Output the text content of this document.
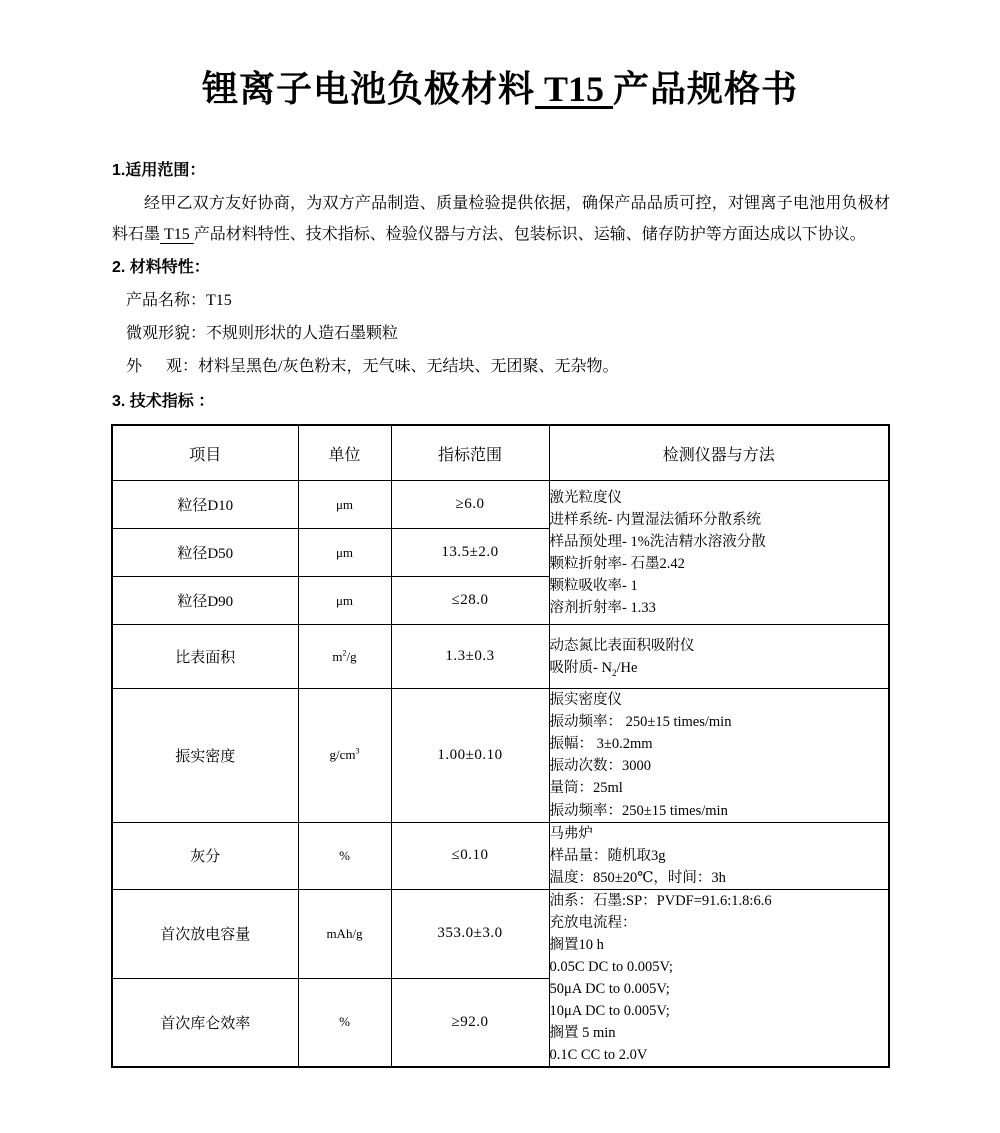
锂离子电池负极材料 T15 产品规格书
1.适用范围：

经甲乙双方友好协商，为双方产品制造、质量检验提供依据，确保产品品质可控，对锂离子电池用负极材料石墨 T15 产品材料特性、技术指标、检验仪器与方法、包装标识、运输、储存防护等方面达成以下协议。

2. 材料特性：
产品名称：T15
微观形貌：不规则形状的人造石墨颗粒
外      观：材料呈黑色/灰色粉末，无气味、无结块、无团聚、无杂物。
3. 技术指标 ：
项目	单位	指标范围	检测仪器与方法
粒径D10	μm	≥6.0	激光粒度仪
进样系统- 内置湿法循环分散系统
样品预处理- 1%洗洁精水溶液分散
颗粒折射率- 石墨2.42
颗粒吸收率- 1
溶剂折射率- 1.33

粒径D50	μm	13.5±2.0	
粒径D90	μm	≤28.0	
比表面积	$m^2/g$	1.3±0.3	动态氮比表面积吸附仪
吸附质- $N_2/He$

振实密度	$g/cm^3$	1.00±0.10	
振实密度仪
振动频率： 250±15 times/min
振幅： 3±0.2mm
振动次数：3000
量筒：25ml
振动频率：250±15 times/min

灰分	%	≤0.10	马弗炉
样品量：随机取3g
温度：850±20℃，时间：3h

首次放电容量	mAh/g	353.0±3.0	
油系：石墨:SP：PVDF=91.6:1.8:6.6
充放电流程：
搁置10 h
0.05C DC to 0.005V;
50μA DC to 0.005V;
10μA DC to 0.005V;
搁置 5 min
0.1C CC to 2.0V

首次库仑效率	%	≥92.0	
